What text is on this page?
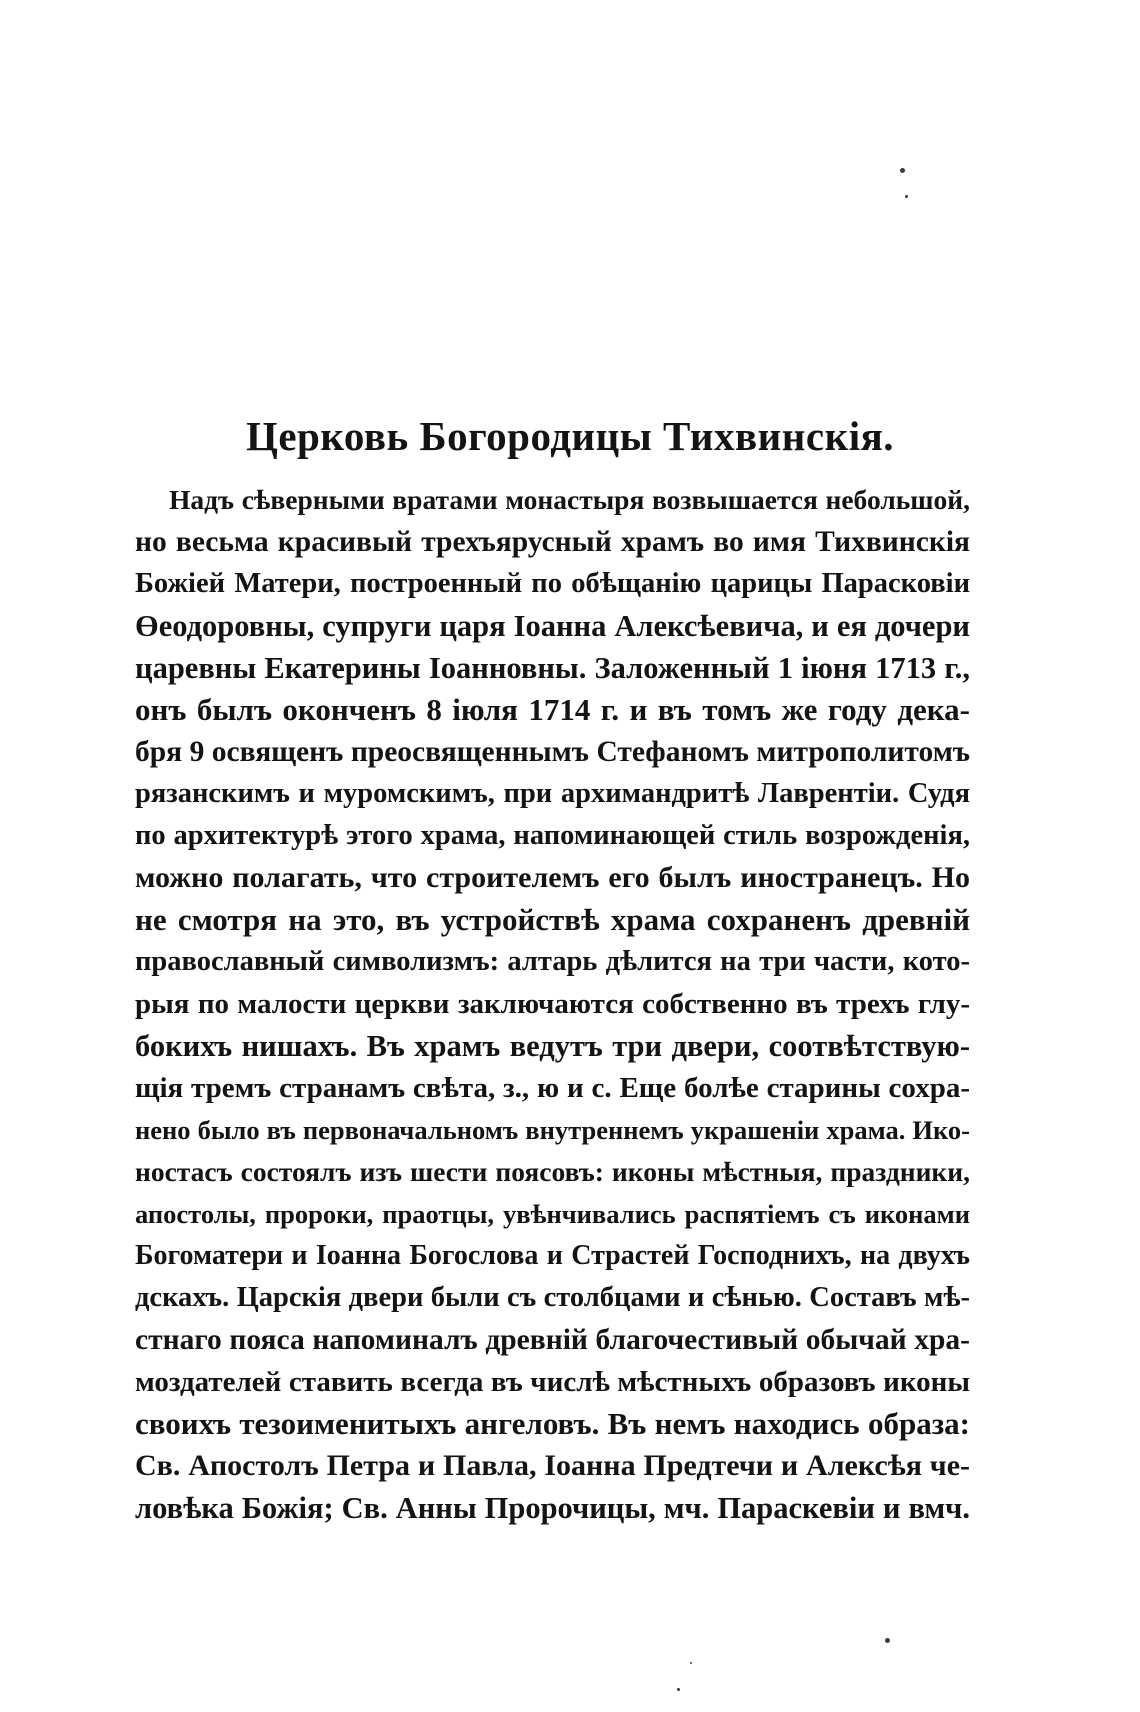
Церковь Богородицы Тихвинскія.
Надъ сѣверными вратами монастыря возвышается небольшой,
но весьма красивый трехъярусный храмъ во имя Тихвинскія
Божіей Матери, построенный по обѣщанію царицы Парасковіи
Өеодоровны, супруги царя Іоанна Алексѣевича, и ея дочери
царевны Екатерины Іоанновны. Заложенный 1 іюня 1713 г.,
онъ былъ оконченъ 8 іюля 1714 г. и въ томъ же году дека-
бря 9 освященъ преосвященнымъ Стефаномъ митрополитомъ
рязанскимъ и муромскимъ, при архимандритѣ Лаврентіи. Судя
по архитектурѣ этого храма, напоминающей стиль возрожденія,
можно полагать, что строителемъ его былъ иностранецъ. Но
не смотря на это, въ устройствѣ храма сохраненъ древній
православный символизмъ: алтарь дѣлится на три части, кото-
рыя по малости церкви заключаются собственно въ трехъ глу-
бокихъ нишахъ. Въ храмъ ведутъ три двери, соотвѣтствую-
щія тремъ странамъ свѣта, з., ю и с. Еще болѣе старины сохра-
нено было въ первоначальномъ внутреннемъ украшеніи храма. Ико-
ностасъ состоялъ изъ шести поясовъ: иконы мѣстныя, праздники,
апостолы, пророки, праотцы, увѣнчивались распятіемъ съ иконами
Богоматери и Іоанна Богослова и Страстей Господнихъ, на двухъ
дскахъ. Царскія двери были съ столбцами и сѣнью. Составъ мѣ-
стнаго пояса напоминалъ древній благочестивый обычай хра-
моздателей ставить всегда въ числѣ мѣстныхъ образовъ иконы
своихъ тезоименитыхъ ангеловъ. Въ немъ находись образа:
Св. Апостолъ Петра и Павла, Іоанна Предтечи и Алексѣя че-
ловѣка Божія; Св. Анны Пророчицы, мч. Параскевіи и вмч.
